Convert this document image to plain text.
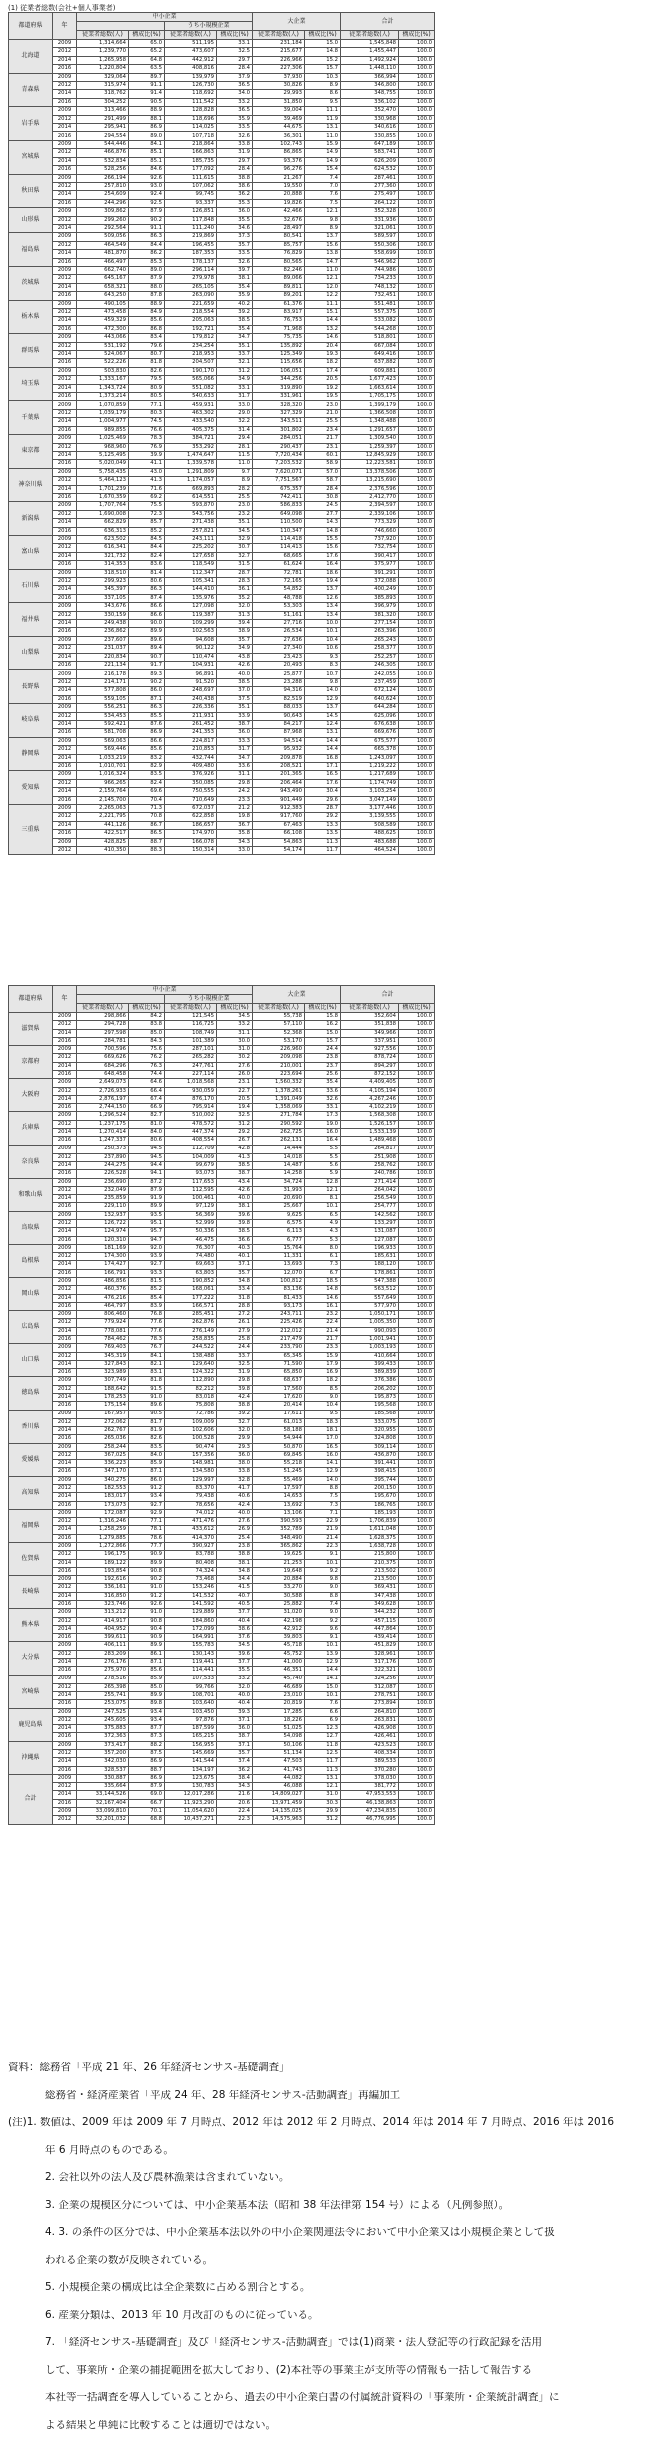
(1) 従業者総数(会社+個人事業者)
都道府県	年	中小企業				大企業		合計	
				うち小規模企業					
		従業者総数(人)	構成比(%)	従業者総数(人)	構成比(%)	従業者総数(人)	構成比(%)	従業者総数(人)	構成比(%)
北海道	2009	1,314,664	65.0	511,195	33.1	231,184	15.0	1,545,848	100.0
	2012	1,239,770	65.2	473,607	32.5	215,677	14.8	1,455,447	100.0
	2014	1,265,958	64.8	442,912	29.7	226,966	15.2	1,492,924	100.0
	2016	1,220,804	63.5	408,816	28.4	227,306	15.7	1,448,110	100.0
青森県	2009	329,064	89.7	139,979	37.9	37,930	10.3	366,994	100.0
	2012	315,974	91.1	126,730	36.5	30,826	8.9	346,800	100.0
	2014	318,762	91.4	118,692	34.0	29,993	8.6	348,755	100.0
	2016	304,252	90.5	111,542	33.2	31,850	9.5	336,102	100.0
岩手県	2009	313,466	88.9	128,828	36.5	39,004	11.1	352,470	100.0
	2012	291,499	88.1	118,696	35.9	39,469	11.9	330,968	100.0
	2014	295,941	86.9	114,025	33.5	44,675	13.1	340,616	100.0
	2016	294,554	89.0	107,718	32.6	36,301	11.0	330,855	100.0
宮城県	2009	544,446	84.1	218,864	33.8	102,743	15.9	647,189	100.0
	2012	466,876	85.1	166,863	31.9	86,865	14.9	583,741	100.0
	2014	532,834	85.1	185,735	29.7	93,376	14.9	626,209	100.0
	2016	528,256	84.6	177,092	28.4	96,276	15.4	624,532	100.0
秋田県	2009	266,194	92.6	111,615	38.8	21,267	7.4	287,461	100.0
	2012	257,810	93.0	107,062	38.6	19,550	7.0	277,360	100.0
	2014	254,609	92.4	99,745	36.2	20,888	7.6	275,497	100.0
	2016	244,296	92.5	93,337	35.3	19,826	7.5	264,122	100.0
山形県	2009	309,862	87.9	126,851	36.0	42,466	12.1	352,328	100.0
	2012	299,260	90.2	117,848	35.5	32,676	9.8	331,936	100.0
	2014	292,564	91.1	111,240	34.6	28,497	8.9	321,061	100.0
福島県	2009	509,056	86.3	219,869	37.3	80,541	13.7	589,597	100.0
	2012	464,549	84.4	196,455	35.7	85,757	15.6	550,306	100.0
	2014	481,870	86.2	187,353	33.5	76,829	13.8	558,699	100.0
	2016	466,497	85.3	178,137	32.6	80,565	14.7	546,962	100.0
茨城県	2009	662,740	89.0	296,114	39.7	82,246	11.0	744,986	100.0
	2012	645,167	87.9	279,978	38.1	89,066	12.1	734,233	100.0
	2014	658,321	88.0	265,105	35.4	89,811	12.0	748,132	100.0
	2016	643,250	87.8	263,090	35.9	89,201	12.2	732,451	100.0
栃木県	2009	490,105	88.9	221,659	40.2	61,376	11.1	551,481	100.0
	2012	473,458	84.9	218,554	39.2	83,917	15.1	557,375	100.0
	2014	459,329	85.6	205,063	38.5	76,753	14.4	533,082	100.0
	2016	472,300	86.8	192,721	35.4	71,968	13.2	544,268	100.0
群馬県	2009	443,066	83.4	179,812	34.7	75,735	14.6	518,801	100.0
	2012	531,192	79.6	234,254	35.1	135,892	20.4	667,084	100.0
	2014	524,067	80.7	218,953	33.7	125,349	19.3	649,416	100.0
	2016	522,226	81.8	204,507	32.1	115,656	18.2	637,882	100.0
埼玉県	2009	503,830	82.6	190,170	31.2	106,051	17.4	609,881	100.0
	2012	1,333,167	79.5	565,066	34.9	344,256	20.5	1,677,423	100.0
	2014	1,343,724	80.9	551,082	33.1	319,890	19.2	1,663,614	100.0
	2016	1,373,214	80.5	540,633	31.7	331,961	19.5	1,705,175	100.0
千葉県	2009	1,070,859	77.1	459,931	33.0	328,320	23.0	1,399,179	100.0
	2012	1,039,179	80.3	463,302	29.0	327,329	21.0	1,366,508	100.0
	2014	1,004,977	74.5	433,540	32.2	343,511	25.5	1,348,488	100.0
	2016	989,855	76.6	405,375	31.4	301,802	23.4	1,291,657	100.0
東京都	2009	1,025,469	78.3	384,721	29.4	284,051	21.7	1,309,540	100.0
	2012	968,960	76.9	353,292	28.1	290,437	23.1	1,259,397	100.0
	2014	5,125,495	39.9	1,474,647	11.5	7,720,434	60.1	12,845,929	100.0
	2016	5,020,049	41.1	1,339,578	11.0	7,203,532	58.9	12,223,581	100.0
神奈川県	2009	5,758,435	43.0	1,291,809	9.7	7,620,071	57.0	13,378,506	100.0
	2012	5,464,123	41.3	1,174,057	8.9	7,751,567	58.7	13,215,690	100.0
	2014	1,701,239	71.6	669,893	28.2	675,357	28.4	2,376,596	100.0
	2016	1,670,359	69.2	614,551	25.5	742,411	30.8	2,412,770	100.0
新潟県	2009	1,707,764	75.5	593,870	23.0	586,833	24.5	2,394,597	100.0
	2012	1,690,008	72.3	543,756	23.2	649,098	27.7	2,339,106	100.0
	2014	662,829	85.7	271,438	35.1	110,500	14.3	773,329	100.0
	2016	636,313	85.2	257,821	34.5	110,347	14.8	746,660	100.0
富山県	2009	623,502	84.5	243,111	32.9	114,418	15.5	737,920	100.0
	2012	616,341	84.4	225,202	30.7	114,413	15.6	732,754	100.0
	2014	321,732	82.4	127,658	32.7	68,665	17.6	390,417	100.0
	2016	314,353	83.6	118,549	31.5	61,624	16.4	375,977	100.0
石川県	2009	318,510	81.4	112,347	28.7	72,781	18.6	391,291	100.0
	2012	299,923	80.6	105,341	28.3	72,165	19.4	372,088	100.0
	2014	345,397	86.3	144,410	36.1	54,852	13.7	400,249	100.0
	2016	337,105	87.4	135,976	35.2	48,788	12.6	385,893	100.0
福井県	2009	343,676	86.6	127,098	32.0	53,303	13.4	396,979	100.0
	2012	330,159	86.6	119,387	31.3	51,161	13.4	381,320	100.0
	2014	249,438	90.0	109,299	39.4	27,716	10.0	277,154	100.0
	2016	236,862	89.9	102,563	38.9	26,534	10.1	263,396	100.0
山梨県	2009	237,607	89.6	94,608	35.7	27,636	10.4	265,243	100.0
	2012	231,037	89.4	90,122	34.9	27,340	10.6	258,377	100.0
	2014	220,834	90.7	110,474	43.8	23,423	9.3	252,257	100.0
	2016	221,134	91.7	104,931	42.6	20,493	8.3	246,305	100.0
長野県	2009	216,178	89.3	96,891	40.0	25,877	10.7	242,055	100.0
	2012	214,171	90.2	91,520	38.5	23,288	9.8	237,459	100.0
	2014	577,808	86.0	248,697	37.0	94,316	14.0	672,124	100.0
	2016	559,105	87.1	240,438	37.5	82,519	12.9	640,624	100.0
岐阜県	2009	556,251	86.3	226,336	35.1	88,033	13.7	644,284	100.0
	2012	534,453	85.5	211,931	33.9	90,643	14.5	625,096	100.0
	2014	592,421	87.6	261,452	38.7	84,217	12.4	676,638	100.0
	2016	581,708	86.9	241,353	36.0	87,968	13.1	669,676	100.0
静岡県	2009	569,063	86.6	224,817	33.3	94,514	14.4	675,577	100.0
	2012	569,446	85.6	210,853	31.7	95,932	14.4	665,378	100.0
	2014	1,033,219	83.2	432,744	34.7	209,878	16.8	1,243,097	100.0
	2016	1,010,701	82.9	409,480	33.6	208,521	17.1	1,219,222	100.0
愛知県	2009	1,016,324	83.5	376,926	31.1	201,365	16.5	1,217,689	100.0
	2012	966,265	82.4	350,085	29.8	206,464	17.6	1,174,749	100.0
	2014	2,159,764	69.6	750,555	24.2	943,490	30.4	3,103,254	100.0
	2016	2,145,700	70.4	710,649	23.3	901,449	29.6	3,047,149	100.0
三重県	2009	2,265,063	71.3	672,037	21.2	912,383	28.7	3,177,446	100.0
	2012	2,221,795	70.8	622,858	19.8	917,760	29.2	3,139,555	100.0
	2014	441,126	86.7	186,657	36.7	67,463	13.3	508,589	100.0
	2016	422,517	86.5	174,970	35.8	66,108	13.5	488,625	100.0
	2009	428,825	88.7	166,078	34.3	54,863	11.3	483,688	100.0
	2012	410,350	88.3	150,314	33.0	54,174	11.7	464,524	100.0
都道府県	年	中小企業				大企業		合計	
				うち小規模企業					
		従業者総数(人)	構成比(%)	従業者総数(人)	構成比(%)	従業者総数(人)	構成比(%)	従業者総数(人)	構成比(%)
滋賀県	2009	298,866	84.2	121,545	34.5	55,738	15.8	352,604	100.0
	2012	294,728	83.8	116,725	33.2	57,110	16.2	351,838	100.0
	2014	297,598	85.0	108,749	31.1	52,368	15.0	349,966	100.0
	2016	284,781	84.3	101,389	30.0	53,170	15.7	337,951	100.0
京都府	2009	700,596	75.6	287,101	31.0	226,960	24.4	927,556	100.0
	2012	669,626	76.2	265,282	30.2	209,098	23.8	878,724	100.0
	2014	684,296	76.3	247,761	27.6	210,001	23.7	894,297	100.0
	2016	648,458	74.4	227,114	26.0	223,694	25.6	872,152	100.0
大阪府	2009	2,649,073	64.6	1,018,568	23.1	1,560,332	35.4	4,409,405	100.0
	2012	2,726,933	66.4	930,059	22.7	1,378,261	33.6	4,105,194	100.0
	2014	2,876,197	67.4	876,170	20.5	1,391,049	32.6	4,267,246	100.0
	2016	2,744,150	66.9	795,914	19.4	1,358,069	33.1	4,102,219	100.0
兵庫県	2009	1,296,524	82.7	510,002	32.5	271,784	17.3	1,568,308	100.0
	2012	1,237,175	81.0	478,572	31.2	290,592	19.0	1,526,157	100.0
	2014	1,270,414	84.0	447,374	29.2	262,725	16.0	1,533,139	100.0
	2016	1,247,337	80.6	408,554	26.7	262,131	16.4	1,489,468	100.0
奈良県	2009	250,373	94.5	112,709	42.8	14,444	5.5	264,817	100.0
	2012	237,890	94.5	104,009	41.3	14,018	5.5	251,908	100.0
	2014	244,275	94.4	99,679	38.5	14,487	5.6	258,762	100.0
	2016	226,528	94.1	93,073	38.7	14,258	5.9	240,786	100.0
和歌山県	2009	236,690	87.2	117,653	43.4	34,724	12.8	271,414	100.0
	2012	232,049	87.9	112,595	42.6	31,993	12.1	264,042	100.0
	2014	235,859	91.9	100,461	40.0	20,690	8.1	256,549	100.0
	2016	229,110	89.9	97,129	38.1	25,667	10.1	254,777	100.0
鳥取県	2009	132,937	93.5	56,369	39.6	9,625	6.5	142,562	100.0
	2012	126,722	95.1	52,999	39.8	6,575	4.9	133,297	100.0
	2014	124,974	95.7	50,336	38.5	6,113	4.3	131,087	100.0
	2016	120,310	94.7	46,475	36.6	6,777	5.3	127,087	100.0
島根県	2009	181,169	92.0	76,307	40.3	15,764	8.0	196,933	100.0
	2012	174,300	93.9	74,480	40.1	11,331	6.1	185,631	100.0
	2014	174,427	92.7	69,663	37.1	13,693	7.3	188,120	100.0
	2016	166,791	93.3	63,803	35.7	12,070	6.7	178,861	100.0
岡山県	2009	486,856	81.5	190,852	34.8	100,812	18.5	547,388	100.0
	2012	460,376	85.2	168,061	33.4	83,136	14.8	563,512	100.0
	2014	476,216	85.4	177,222	31.8	81,433	14.6	557,649	100.0
	2016	464,797	83.9	166,571	28.8	93,173	16.1	577,970	100.0
広島県	2009	806,460	76.8	285,451	27.2	243,711	23.2	1,050,171	100.0
	2012	779,924	77.6	262,876	26.1	225,426	22.4	1,005,350	100.0
	2014	778,081	77.6	276,149	27.9	212,012	21.4	990,093	100.0
	2016	784,462	78.3	258,835	25.8	217,479	21.7	1,001,941	100.0
山口県	2009	769,403	76.7	244,522	24.4	233,790	23.3	1,003,193	100.0
	2012	345,319	84.1	138,488	33.7	65,345	15.9	410,664	100.0
	2014	327,843	82.1	129,640	32.5	71,590	17.9	399,433	100.0
	2016	323,989	83.1	124,322	31.9	65,850	16.9	389,839	100.0
徳島県	2009	307,749	81.8	112,890	29.8	68,637	18.2	376,386	100.0
	2012	188,642	91.5	82,212	39.8	17,560	8.5	206,202	100.0
	2014	178,253	91.0	83,018	42.4	17,620	9.0	195,873	100.0
	2016	175,154	89.6	75,808	38.8	20,414	10.4	195,568	100.0
香川県	2009	167,957	90.5	72,786	39.2	17,611	9.5	185,568	100.0
	2012	272,062	81.7	109,009	32.7	61,013	18.3	333,075	100.0
	2014	262,767	81.9	102,606	32.0	58,188	18.1	320,955	100.0
	2016	265,036	82.6	100,528	29.9	54,944	17.0	324,808	100.0
愛媛県	2009	258,244	83.5	90,474	29.3	50,870	16.5	309,114	100.0
	2012	367,025	84.0	157,356	36.0	69,845	16.0	436,870	100.0
	2014	336,223	85.9	148,981	38.0	55,218	14.1	391,441	100.0
	2016	347,170	87.1	134,580	33.8	51,245	12.9	398,415	100.0
高知県	2009	340,275	86.0	129,997	32.8	55,469	14.0	395,744	100.0
	2012	182,553	91.2	83,370	41.7	17,597	8.8	200,150	100.0
	2014	183,017	93.4	79,438	40.6	14,653	7.5	195,670	100.0
	2016	173,073	92.7	78,656	42.4	13,692	7.3	186,765	100.0
福岡県	2009	172,087	92.9	74,012	40.0	13,106	7.1	185,193	100.0
	2012	1,316,246	77.1	471,476	27.6	390,593	22.9	1,706,839	100.0
	2014	1,258,259	78.1	433,612	26.9	352,789	21.9	1,611,048	100.0
	2016	1,279,885	78.6	414,370	25.4	348,490	21.4	1,628,375	100.0
佐賀県	2009	1,272,866	77.7	390,927	23.8	365,862	22.3	1,638,728	100.0
	2012	196,175	90.9	83,788	38.8	19,625	9.1	215,800	100.0
	2014	189,122	89.9	80,408	38.1	21,253	10.1	210,375	100.0
	2016	193,854	90.8	74,324	34.8	19,648	9.2	213,502	100.0
長崎県	2009	192,616	90.2	73,468	34.4	20,884	9.8	213,500	100.0
	2012	336,161	91.0	153,246	41.5	33,270	9.0	369,431	100.0
	2014	316,850	91.2	141,532	40.7	30,588	8.8	347,438	100.0
	2016	323,746	92.6	141,592	40.5	25,882	7.4	349,628	100.0
熊本県	2009	313,212	91.0	129,889	37.7	31,020	9.0	344,232	100.0
	2012	414,917	90.8	184,860	40.4	42,198	9.2	457,115	100.0
	2014	404,952	90.4	172,099	38.6	42,912	9.6	447,864	100.0
	2016	399,611	90.9	164,991	37.6	39,803	9.1	439,414	100.0
大分県	2009	406,111	89.9	155,783	34.5	45,718	10.1	451,829	100.0
	2012	283,209	86.1	130,143	39.6	45,752	13.9	328,961	100.0
	2014	276,176	87.1	119,441	37.7	41,000	12.9	317,176	100.0
	2016	275,970	85.6	114,441	35.5	46,351	14.4	322,321	100.0
宮崎県	2009	278,516	85.9	107,533	33.2	45,740	14.1	324,256	100.0
	2012	265,398	85.0	99,766	32.0	46,689	15.0	312,087	100.0
	2014	255,741	89.9	108,701	40.0	23,010	10.1	278,751	100.0
	2016	253,075	89.8	103,640	40.4	20,819	7.6	273,894	100.0
鹿児島県	2009	247,525	93.4	103,450	39.3	17,285	6.6	264,810	100.0
	2012	245,605	93.4	97,876	37.1	18,226	6.9	263,831	100.0
	2014	375,883	87.7	187,599	36.0	51,025	12.3	426,908	100.0
	2016	372,363	87.3	165,215	38.7	54,098	12.7	426,461	100.0
沖縄県	2009	373,417	88.2	156,955	37.1	50,106	11.8	423,523	100.0
	2012	357,200	87.5	145,669	35.7	51,134	12.5	408,334	100.0
	2014	342,030	86.9	141,544	37.4	47,503	11.7	389,533	100.0
	2016	328,537	88.7	134,197	36.2	41,743	11.3	370,280	100.0
合計	2009	330,887	86.9	123,675	38.4	44,082	13.1	378,030	100.0
	2012	335,664	87.9	130,783	34.3	46,088	12.1	381,772	100.0
	2014	33,144,526	69.0	12,017,286	21.6	14,809,027	31.0	47,953,553	100.0
	2016	32,167,404	66.7	11,923,290	20.6	13,971,459	30.3	46,138,863	100.0
	2009	33,099,810	70.1	11,054,620	22.4	14,135,025	29.9	47,234,835	100.0
	2012	32,201,032	68.8	10,437,271	22.3	14,575,963	31.2	46,776,995	100.0

資料：総務省「平成 21 年、26 年経済センサス-基礎調査」

総務省・経済産業省「平成 24 年、28 年経済センサス-活動調査」再編加工

(注)1. 数値は、2009 年は 2009 年 7 月時点、2012 年は 2012 年 2 月時点、2014 年は 2014 年 7 月時点、2016 年は 2016

年 6 月時点のものである。

2. 会社以外の法人及び農林漁業は含まれていない。

3. 企業の規模区分については、中小企業基本法（昭和 38 年法律第 154 号）による（凡例参照）。

4. 3. の条件の区分では、中小企業基本法以外の中小企業関連法令において中小企業又は小規模企業として扱

われる企業の数が反映されている。

5. 小規模企業の構成比は全企業数に占める割合とする。

6. 産業分類は、2013 年 10 月改訂のものに従っている。

7. 「経済センサス-基礎調査」及び「経済センサス-活動調査」では(1)商業・法人登記等の行政記録を活用

して、事業所・企業の捕捉範囲を拡大しており、(2)本社等の事業主が支所等の情報も一括して報告する

本社等一括調査を導入していることから、過去の中小企業白書の付属統計資料の「事業所・企業統計調査」に

よる結果と単純に比較することは適切ではない。
